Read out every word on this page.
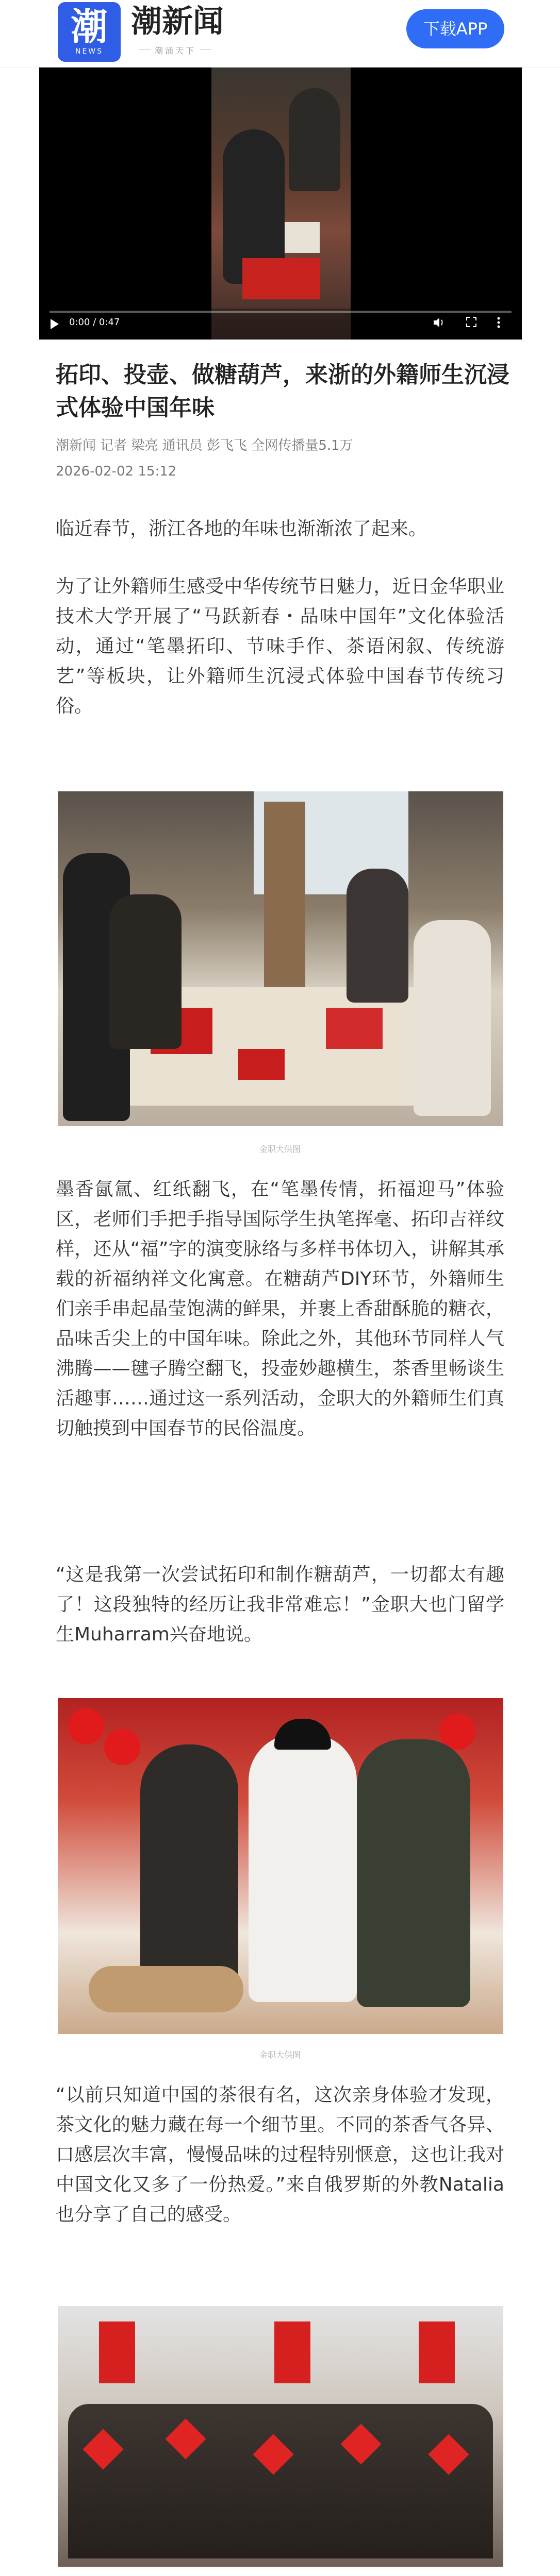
潮
NEWS
潮新闻
潮涌天下
下载APP
0:00 / 0:47
拓印、投壶、做糖葫芦，来浙的外籍师生沉浸式体验中国年味
潮新闻 记者 梁亮 通讯员 彭飞飞 全网传播量5.1万
2026-02-02 15:12

临近春节，浙江各地的年味也渐渐浓了起来。

为了让外籍师生感受中华传统节日魅力，近日金华职业技术大学开展了“马跃新春・品味中国年”文化体验活动，通过“笔墨拓印、节味手作、茶语闲叙、传统游艺”等板块，让外籍师生沉浸式体验中国春节传统习俗。

金职大供图

墨香氤氲、红纸翻飞，在“笔墨传情，拓福迎马”体验区，老师们手把手指导国际学生执笔挥毫、拓印吉祥纹样，还从“福”字的演变脉络与多样书体切入，讲解其承载的祈福纳祥文化寓意。在糖葫芦DIY环节，外籍师生们亲手串起晶莹饱满的鲜果，并裹上香甜酥脆的糖衣，品味舌尖上的中国年味。除此之外，其他环节同样人气沸腾——毽子腾空翻飞，投壶妙趣横生，茶香里畅谈生活趣事……通过这一系列活动，金职大的外籍师生们真切触摸到中国春节的民俗温度。

“这是我第一次尝试拓印和制作糖葫芦，一切都太有趣了！这段独特的经历让我非常难忘！”金职大也门留学生Muharram兴奋地说。

金职大供图

“以前只知道中国的茶很有名，这次亲身体验才发现，茶文化的魅力藏在每一个细节里。不同的茶香气各异、口感层次丰富，慢慢品味的过程特别惬意，这也让我对中国文化又多了一份热爱。”来自俄罗斯的外教Natalia也分享了自己的感受。
